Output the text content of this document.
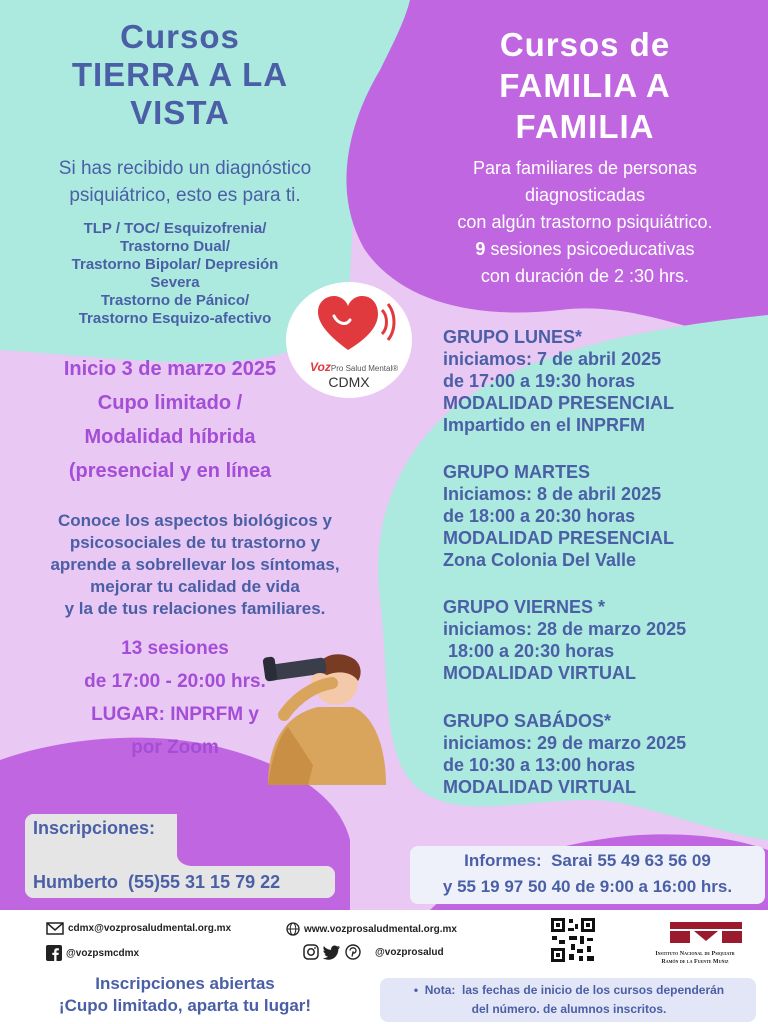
Cursos
TIERRA A LA
VISTA
Si has recibido un diagnóstico psiquiátrico, esto es para ti.
TLP / TOC/ Esquizofrenia/
Trastorno Dual/
Trastorno Bipolar/ Depresión
Severa
Trastorno de Pánico/
Trastorno Esquizo-afectivo
Inicio 3 de marzo 2025
Cupo limitado /
Modalidad híbrida
(presencial y en línea
Conoce los aspectos biológicos y
psicosociales de tu trastorno y
aprende a sobrellevar los síntomas,
mejorar tu calidad de vida
y la de tus relaciones familiares.
13 sesiones
de 17:00 - 20:00 hrs.
LUGAR: INPRFM y
por Zoom
VozPro Salud Mental®
CDMX
Cursos de
FAMILIA A
FAMILIA
Para familiares de personas
diagnosticadas
con algún trastorno psiquiátrico.
9 sesiones psicoeducativas
con duración de 2 :30 hrs.
GRUPO LUNES*
iniciamos: 7 de abril 2025
de 17:00 a 19:30 horas
MODALIDAD PRESENCIAL
Impartido en el INPRFM
GRUPO MARTES
Iniciamos: 8 de abril 2025
de 18:00 a 20:30 horas
MODALIDAD PRESENCIAL
Zona Colonia Del Valle
GRUPO VIERNES *
iniciamos: 28 de marzo 2025
18:00 a 20:30 horas
MODALIDAD VIRTUAL
GRUPO SABÁDOS*
iniciamos: 29 de marzo 2025
de 10:30 a 13:00 horas
MODALIDAD VIRTUAL
Inscripciones:
Humberto  (55)55 31 15 79 22
Informes:  Sarai 55 49 63 56 09
y 55 19 97 50 40 de 9:00 a 16:00 hrs.
cdmx@vozprosaludmental.org.mx	www.vozprosaludmental.org.mx
@vozpsmcdmx	@vozprosalud	Instituto Nacional de Psiquiatr
Ramón de la Fuente Muñiz
Inscripciones abiertas
¡Cupo limitado, aparta tu lugar!
•  Nota:  las fechas de inicio de los cursos dependerán
del número. de alumnos inscritos.
